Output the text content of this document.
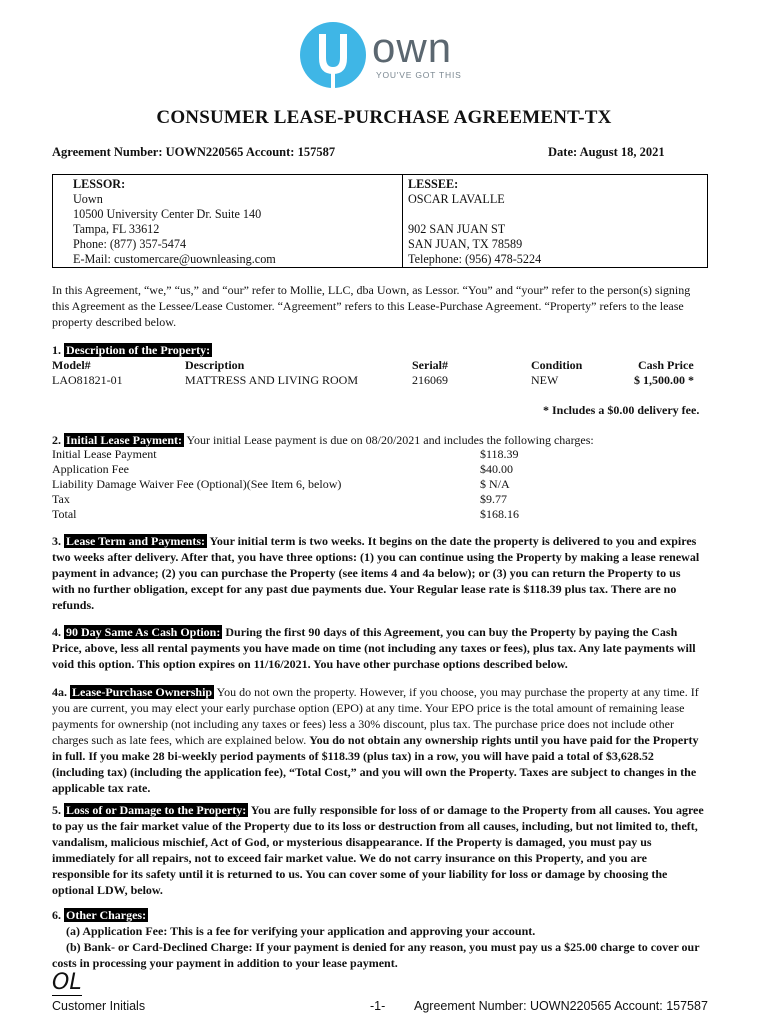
own
YOU'VE GOT THIS
CONSUMER LEASE-PURCHASE AGREEMENT-TX
Agreement Number: UOWN220565 Account: 157587	Date: August 18, 2021
LESSOR:
Uown
10500 University Center Dr. Suite 140
Tampa, FL 33612
Phone: (877) 357-5474
E-Mail: customercare@uownleasing.com
LESSEE:
OSCAR LAVALLE
902 SAN JUAN ST
SAN JUAN, TX 78589
Telephone: (956) 478-5224
In this Agreement, “we,” “us,” and “our” refer to Mollie, LLC, dba Uown, as Lessor. “You” and “your” refer to the person(s) signing this Agreement as the Lessee/Lease Customer. “Agreement” refers to this Lease-Purchase Agreement. “Property” refers to the lease property described below.
1. Description of the Property:
Model#	Description	Serial#	Condition	Cash Price
LAO81821-01	MATTRESS AND LIVING ROOM	216069	NEW	$ 1,500.00 *
* Includes a $0.00 delivery fee.
2. Initial Lease Payment: Your initial Lease payment is due on 08/20/2021 and includes the following charges:
Initial Lease Payment	$118.39
Application Fee	$40.00
Liability Damage Waiver Fee (Optional)(See Item 6, below)	$ N/A
Tax	$9.77
Total	$168.16
3. Lease Term and Payments: Your initial term is two weeks. It begins on the date the property is delivered to you and expires two weeks after delivery. After that, you have three options: (1) you can continue using the Property by making a lease renewal payment in advance; (2) you can purchase the Property (see items 4 and 4a below); or (3) you can return the Property to us with no further obligation, except for any past due payments due. Your Regular lease rate is $118.39 plus tax. There are no refunds.
4. 90 Day Same As Cash Option: During the first 90 days of this Agreement, you can buy the Property by paying the Cash Price, above, less all rental payments you have made on time (not including any taxes or fees), plus tax. Any late payments will void this option. This option expires on 11/16/2021. You have other purchase options described below.
4a. Lease-Purchase Ownership You do not own the property. However, if you choose, you may purchase the property at any time. If you are current, you may elect your early purchase option (EPO) at any time. Your EPO price is the total amount of remaining lease payments for ownership (not including any taxes or fees) less a 30% discount, plus tax. The purchase price does not include other charges such as late fees, which are explained below. You do not obtain any ownership rights until you have paid for the Property in full. If you make 28 bi-weekly period payments of $118.39 (plus tax) in a row, you will have paid a total of $3,628.52 (including tax) (including the application fee), “Total Cost,” and you will own the Property. Taxes are subject to changes in the applicable tax rate.
5. Loss of or Damage to the Property: You are fully responsible for loss of or damage to the Property from all causes. You agree to pay us the fair market value of the Property due to its loss or destruction from all causes, including, but not limited to, theft, vandalism, malicious mischief, Act of God, or mysterious disappearance. If the Property is damaged, you must pay us immediately for all repairs, not to exceed fair market value. We do not carry insurance on this Property, and you are responsible for its safety until it is returned to us. You can cover some of your liability for loss or damage by choosing the optional LDW, below.
6. Other Charges:
(a) Application Fee: This is a fee for verifying your application and approving your account.
(b) Bank- or Card-Declined Charge: If your payment is denied for any reason, you must pay us a $25.00 charge to cover our costs in processing your payment in addition to your lease payment.
OL
Customer Initials	-1- Agreement Number: UOWN220565 Account: 157587
